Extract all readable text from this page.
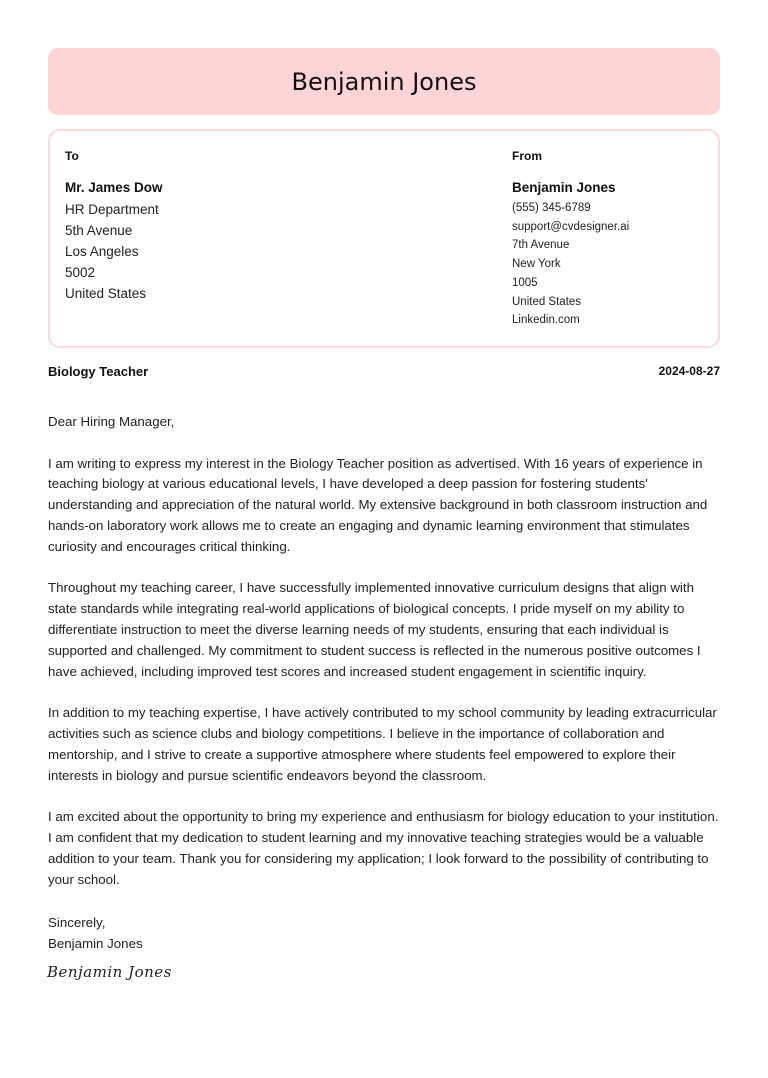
Benjamin Jones
To
Mr. James Dow
HR Department
5th Avenue
Los Angeles
5002
United States
From
Benjamin Jones
(555) 345-6789
support@cvdesigner.ai
7th Avenue
New York
1005
United States
Linkedin.com
Biology Teacher	2024-08-27

Dear Hiring Manager,

I am writing to express my interest in the Biology Teacher position as advertised. With 16 years of experience in teaching biology at various educational levels, I have developed a deep passion for fostering students' understanding and appreciation of the natural world. My extensive background in both classroom instruction and hands-on laboratory work allows me to create an engaging and dynamic learning environment that stimulates curiosity and encourages critical thinking.

Throughout my teaching career, I have successfully implemented innovative curriculum designs that align with state standards while integrating real-world applications of biological concepts. I pride myself on my ability to differentiate instruction to meet the diverse learning needs of my students, ensuring that each individual is supported and challenged. My commitment to student success is reflected in the numerous positive outcomes I have achieved, including improved test scores and increased student engagement in scientific inquiry.

In addition to my teaching expertise, I have actively contributed to my school community by leading extracurricular activities such as science clubs and biology competitions. I believe in the importance of collaboration and mentorship, and I strive to create a supportive atmosphere where students feel empowered to explore their interests in biology and pursue scientific endeavors beyond the classroom.

I am excited about the opportunity to bring my experience and enthusiasm for biology education to your institution. I am confident that my dedication to student learning and my innovative teaching strategies would be a valuable addition to your team. Thank you for considering my application; I look forward to the possibility of contributing to your school.

Sincerely,
Benjamin Jones
Benjamin Jones
